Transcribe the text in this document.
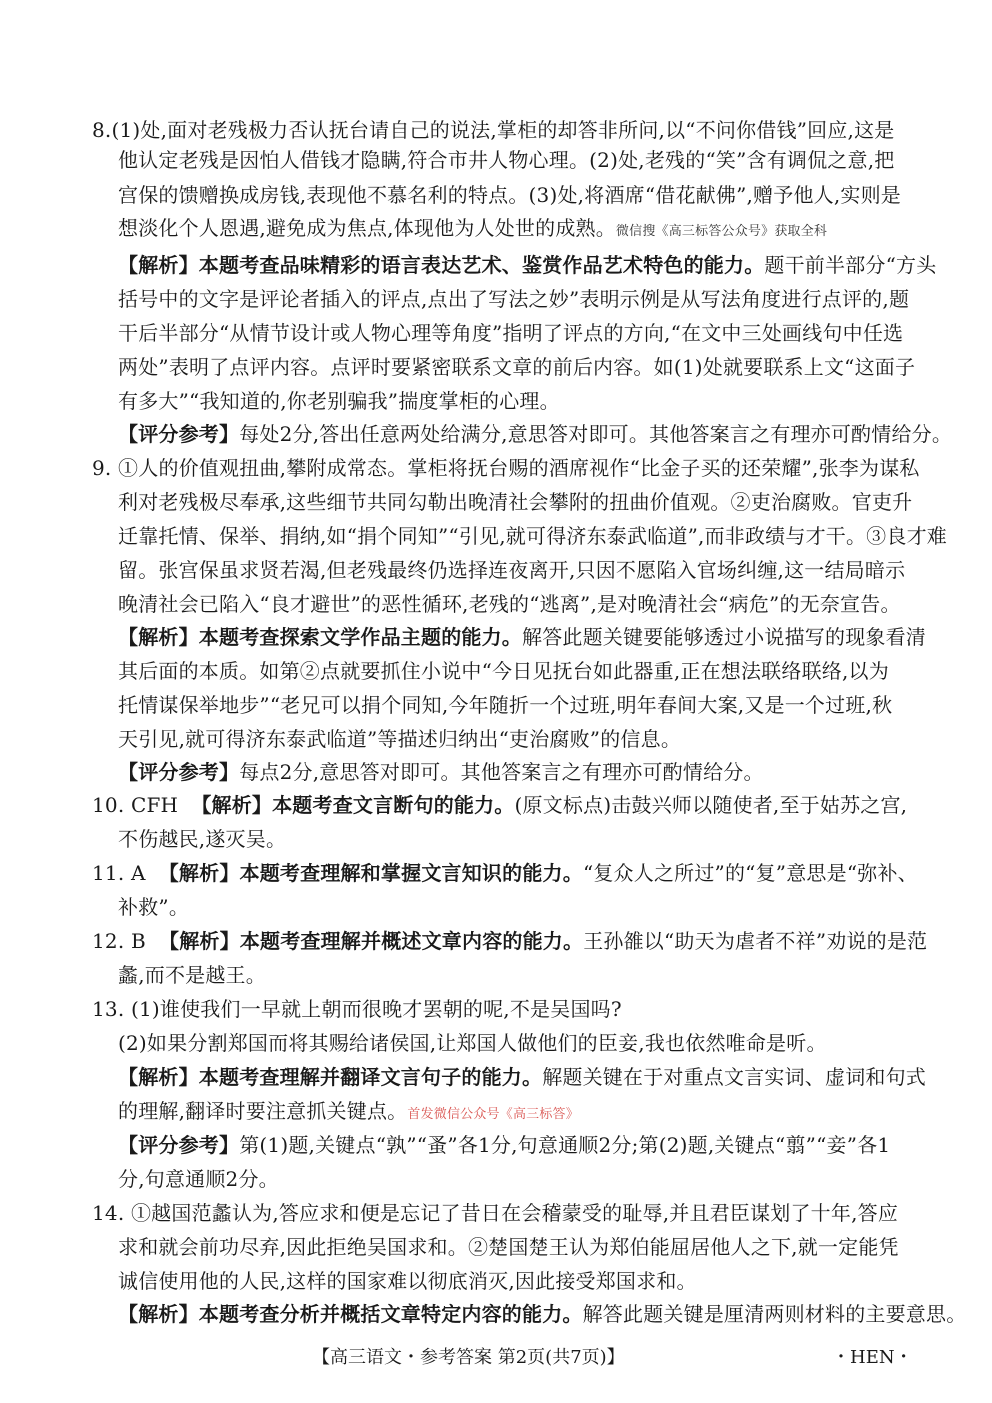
8.(1)处,面对老残极力否认抚台请自己的说法,掌柜的却答非所问,以“不问你借钱”回应,这是
他认定老残是因怕人借钱才隐瞒,符合市井人物心理。(2)处,老残的“笑”含有调侃之意,把
宫保的馈赠换成房钱,表现他不慕名利的特点。(3)处,将酒席“借花献佛”,赠予他人,实则是
想淡化个人恩遇,避免成为焦点,体现他为人处世的成熟。微信搜《高三标答公众号》获取全科
【解析】本题考查品味精彩的语言表达艺术、鉴赏作品艺术特色的能力。题干前半部分“方头
括号中的文字是评论者插入的评点,点出了写法之妙”表明示例是从写法角度进行点评的,题
干后半部分“从情节设计或人物心理等角度”指明了评点的方向,“在文中三处画线句中任选
两处”表明了点评内容。点评时要紧密联系文章的前后内容。如(1)处就要联系上文“这面子
有多大”“我知道的,你老别骗我”揣度掌柜的心理。
【评分参考】每处2分,答出任意两处给满分,意思答对即可。其他答案言之有理亦可酌情给分。
9. ①人的价值观扭曲,攀附成常态。掌柜将抚台赐的酒席视作“比金子买的还荣耀”,张李为谋私
利对老残极尽奉承,这些细节共同勾勒出晚清社会攀附的扭曲价值观。②吏治腐败。官吏升
迁靠托情、保举、捐纳,如“捐个同知”“引见,就可得济东泰武临道”,而非政绩与才干。③良才难
留。张宫保虽求贤若渴,但老残最终仍选择连夜离开,只因不愿陷入官场纠缠,这一结局暗示
晚清社会已陷入“良才避世”的恶性循环,老残的“逃离”,是对晚清社会“病危”的无奈宣告。
【解析】本题考查探索文学作品主题的能力。解答此题关键要能够透过小说描写的现象看清
其后面的本质。如第②点就要抓住小说中“今日见抚台如此器重,正在想法联络联络,以为
托情谋保举地步”“老兄可以捐个同知,今年随折一个过班,明年春间大案,又是一个过班,秋
天引见,就可得济东泰武临道”等描述归纳出“吏治腐败”的信息。
【评分参考】每点2分,意思答对即可。其他答案言之有理亦可酌情给分。
10. CFH 【解析】本题考查文言断句的能力。(原文标点)击鼓兴师以随使者,至于姑苏之宫,
不伤越民,遂灭吴。
11. A 【解析】本题考查理解和掌握文言知识的能力。“复众人之所过”的“复”意思是“弥补、
补救”。
12. B 【解析】本题考查理解并概述文章内容的能力。王孙雒以“助天为虐者不祥”劝说的是范
蠡,而不是越王。
13. (1)谁使我们一早就上朝而很晚才罢朝的呢,不是吴国吗?
(2)如果分割郑国而将其赐给诸侯国,让郑国人做他们的臣妾,我也依然唯命是听。
【解析】本题考查理解并翻译文言句子的能力。解题关键在于对重点文言实词、虚词和句式
的理解,翻译时要注意抓关键点。首发微信公众号《高三标答》
【评分参考】第(1)题,关键点“孰”“蚤”各1分,句意通顺2分;第(2)题,关键点“翦”“妾”各1
分,句意通顺2分。
14. ①越国范蠡认为,答应求和便是忘记了昔日在会稽蒙受的耻辱,并且君臣谋划了十年,答应
求和就会前功尽弃,因此拒绝吴国求和。②楚国楚王认为郑伯能屈居他人之下,就一定能凭
诚信使用他的人民,这样的国家难以彻底消灭,因此接受郑国求和。
【解析】本题考查分析并概括文章特定内容的能力。解答此题关键是厘清两则材料的主要意思。
【高三语文・参考答案 第2页(共7页)】	・HEN・
